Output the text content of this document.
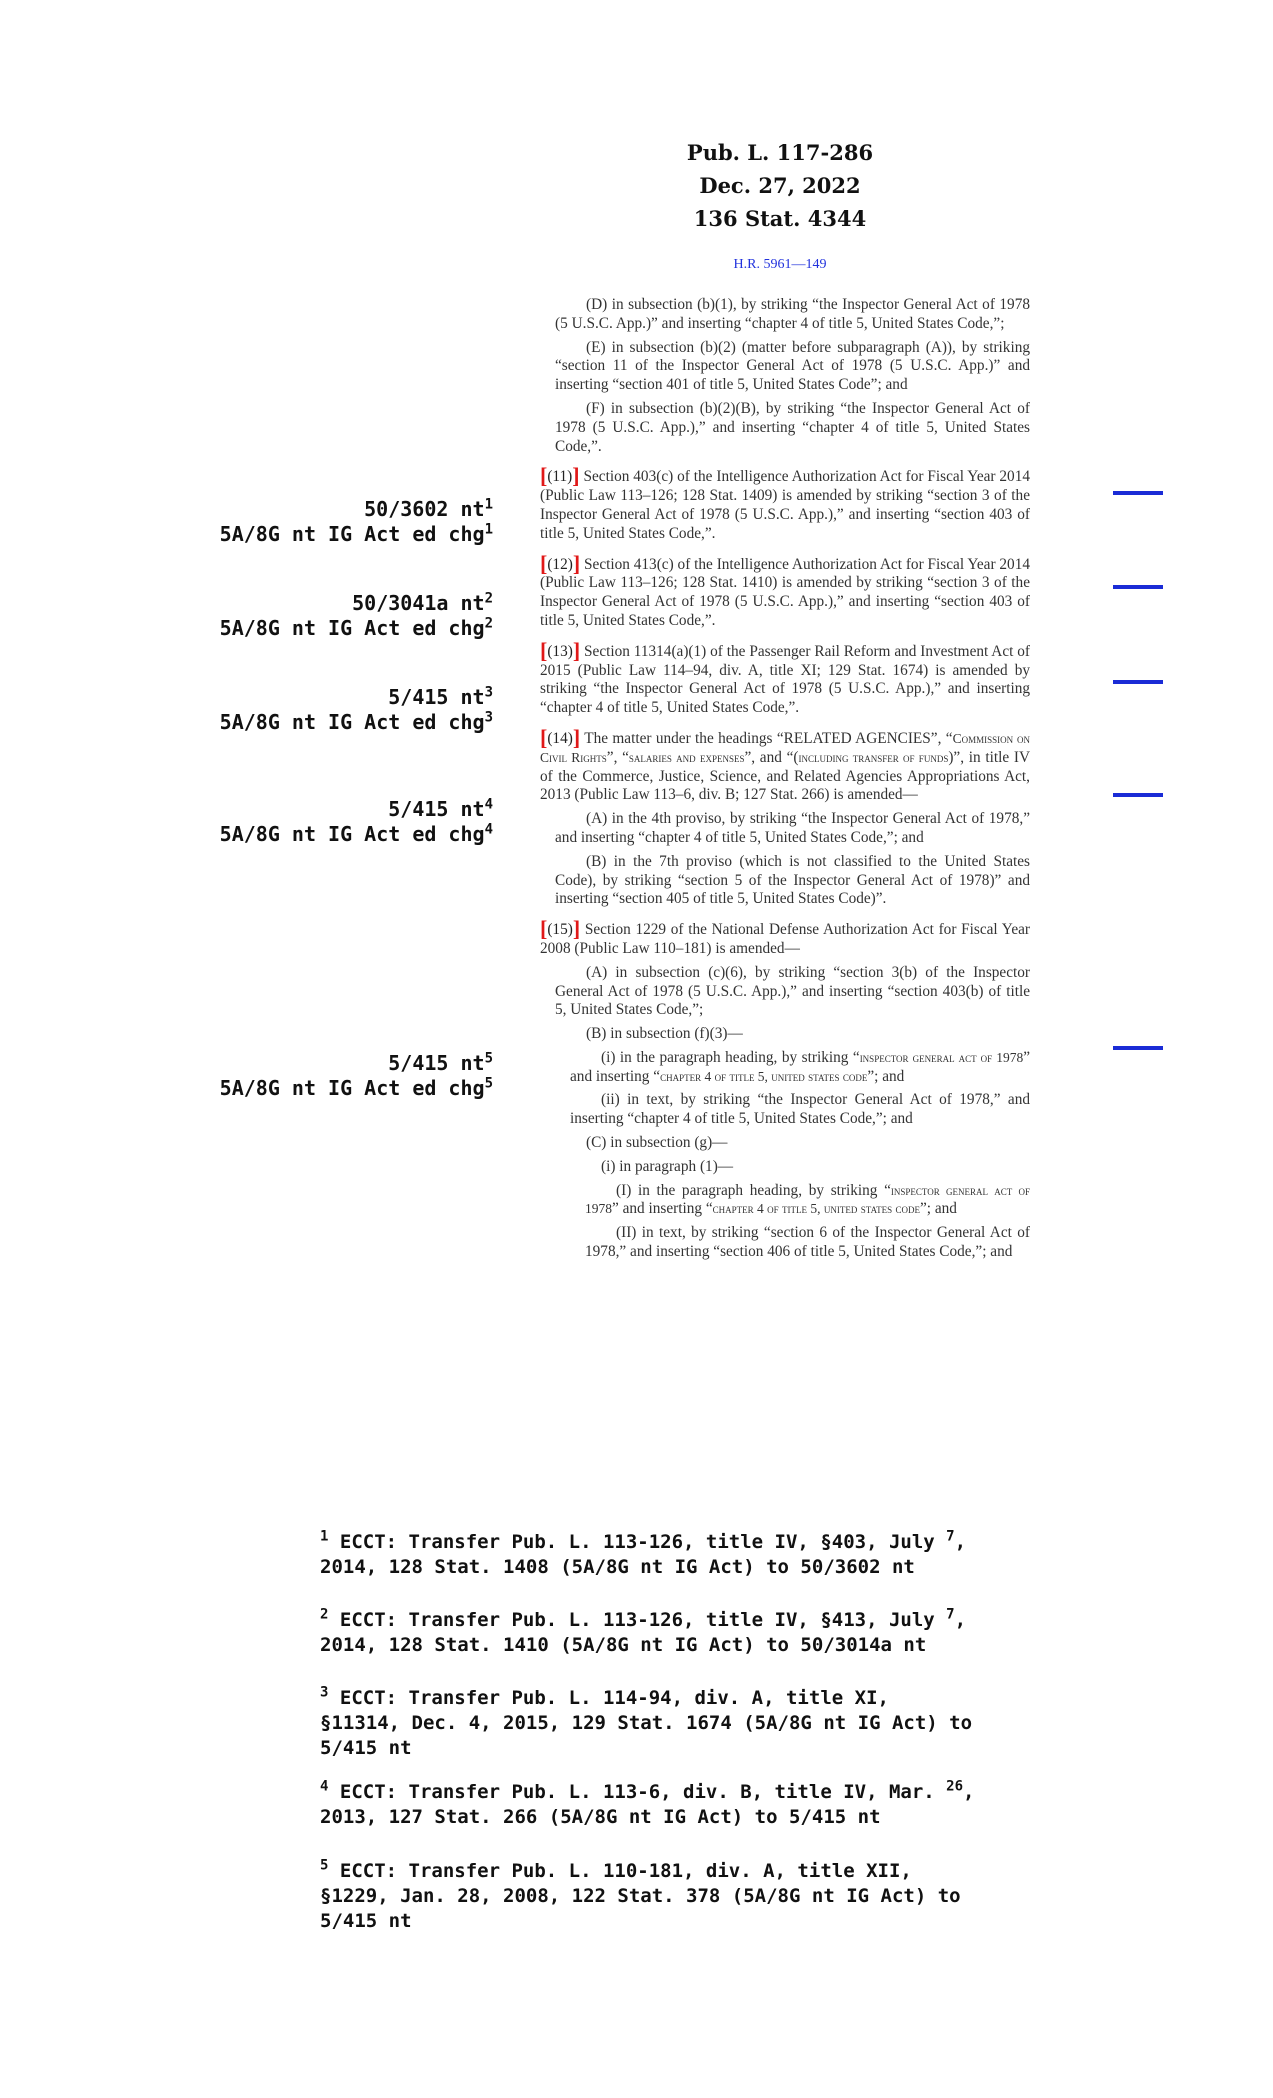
Pub. L. 117-286
Dec. 27, 2022
136 Stat. 4344
H.R. 5961—149
50/3602 $nt^1$
5A/8G nt IG Act ed chg$^1$
50/3041a $nt^2$
5A/8G nt IG Act ed chg$^2$
5/415 $nt^3$
5A/8G nt IG Act ed chg$^3$
5/415 $nt^4$
5A/8G nt IG Act ed chg$^4$
5/415 $nt^5$
5A/8G nt IG Act ed chg$^5$

(D) in subsection (b)(1), by striking “the Inspector General Act of 1978 (5 U.S.C. App.)” and inserting “chapter 4 of title 5, United States Code,”;

(E) in subsection (b)(2) (matter before subparagraph (A)), by striking “section 11 of the Inspector General Act of 1978 (5 U.S.C. App.)” and inserting “section 401 of title 5, United States Code”; and

(F) in subsection (b)(2)(B), by striking “the Inspector General Act of 1978 (5 U.S.C. App.),” and inserting “chapter 4 of title 5, United States Code,”.

[(11)] Section 403(c) of the Intelligence Authorization Act for Fiscal Year 2014 (Public Law 113–126; 128 Stat. 1409) is amended by striking “section 3 of the Inspector General Act of 1978 (5 U.S.C. App.),” and inserting “section 403 of title 5, United States Code,”.

[(12)] Section 413(c) of the Intelligence Authorization Act for Fiscal Year 2014 (Public Law 113–126; 128 Stat. 1410) is amended by striking “section 3 of the Inspector General Act of 1978 (5 U.S.C. App.),” and inserting “section 403 of title 5, United States Code,”.

[(13)] Section 11314(a)(1) of the Passenger Rail Reform and Investment Act of 2015 (Public Law 114–94, div. A, title XI; 129 Stat. 1674) is amended by striking “the Inspector General Act of 1978 (5 U.S.C. App.),” and inserting “chapter 4 of title 5, United States Code,”.

[(14)] The matter under the headings “RELATED AGENCIES”, “Commission on Civil Rights”, “salaries and expenses”, and “(including transfer of funds)”, in title IV of the Commerce, Justice, Science, and Related Agencies Appropriations Act, 2013 (Public Law 113–6, div. B; 127 Stat. 266) is amended—

(A) in the 4th proviso, by striking “the Inspector General Act of 1978,” and inserting “chapter 4 of title 5, United States Code,”; and

(B) in the 7th proviso (which is not classified to the United States Code), by striking “section 5 of the Inspector General Act of 1978)” and inserting “section 405 of title 5, United States Code)”.

[(15)] Section 1229 of the National Defense Authorization Act for Fiscal Year 2008 (Public Law 110–181) is amended—

(A) in subsection (c)(6), by striking “section 3(b) of the Inspector General Act of 1978 (5 U.S.C. App.),” and inserting “section 403(b) of title 5, United States Code,”;

(B) in subsection (f)(3)—

(i) in the paragraph heading, by striking “inspector general act of 1978” and inserting “chapter 4 of title 5, united states code”; and

(ii) in text, by striking “the Inspector General Act of 1978,” and inserting “chapter 4 of title 5, United States Code,”; and

(C) in subsection (g)—

(i) in paragraph (1)—

(I) in the paragraph heading, by striking “inspector general act of 1978” and inserting “chapter 4 of title 5, united states code”; and

(II) in text, by striking “section 6 of the Inspector General Act of 1978,” and inserting “section 406 of title 5, United States Code,”; and

$^1$ ECCT: Transfer Pub. L. 113-126, title IV, §403, July $^7$,
2014, 128 Stat. 1408 (5A/8G nt IG Act) to 50/3602 nt
$^2$ ECCT: Transfer Pub. L. 113-126, title IV, §413, July $^7$,
2014, 128 Stat. 1410 (5A/8G nt IG Act) to 50/3014a nt
$^3$ ECCT: Transfer Pub. L. 114-94, div. A, title XI,
§11314, Dec. 4, 2015, 129 Stat. 1674 (5A/8G nt IG Act) to
5/415 nt
$^4$ ECCT: Transfer Pub. L. 113-6, div. B, title IV, Mar. $^{26}$,
2013, 127 Stat. 266 (5A/8G nt IG Act) to 5/415 nt
$^5$ ECCT: Transfer Pub. L. 110-181, div. A, title XII,
§1229, Jan. 28, 2008, 122 Stat. 378 (5A/8G nt IG Act) to
5/415 nt
